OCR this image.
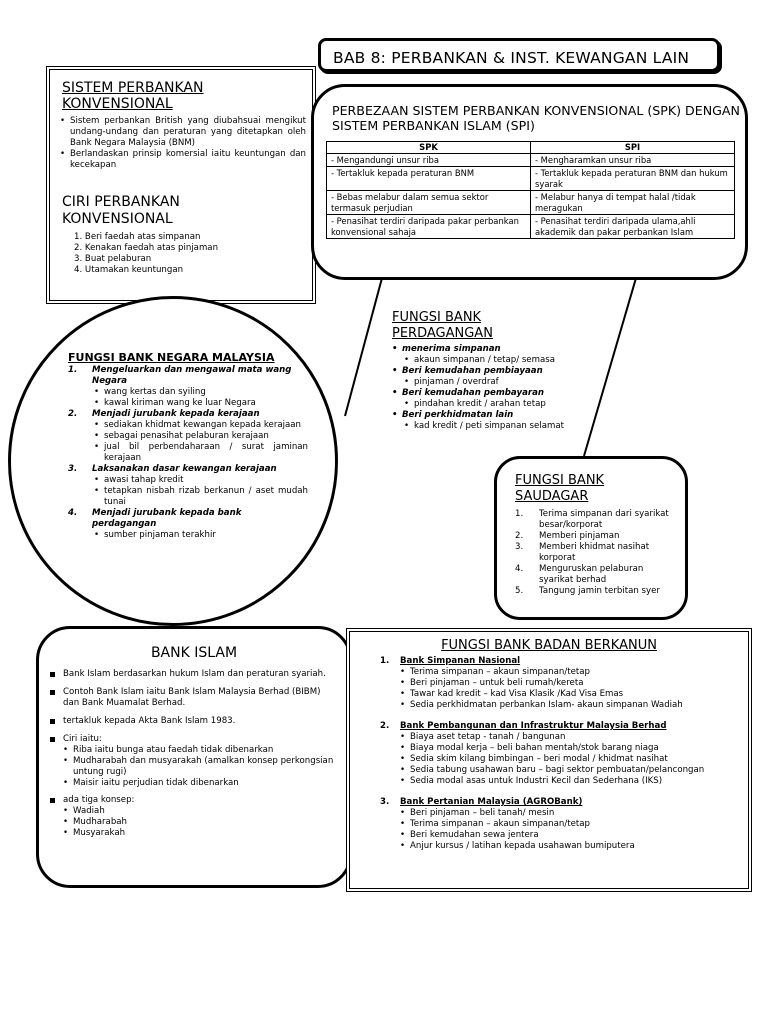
BAB 8: PERBANKAN & INST. KEWANGAN LAIN
SISTEM PERBANKAN KONVENSIONAL
• Sistem perbankan British yang diubahsuai mengikut undang-undang dan peraturan yang ditetapkan oleh Bank Negara Malaysia (BNM)
• Berlandaskan prinsip komersial iaitu keuntungan dan kecekapan
CIRI PERBANKAN KONVENSIONAL
1. Beri faedah atas simpanan
2. Kenakan faedah atas pinjaman
3. Buat pelaburan
4. Utamakan keuntungan
PERBEZAAN SISTEM PERBANKAN KONVENSIONAL (SPK) DENGAN SISTEM PERBANKAN ISLAM (SPI)
SPK	SPI
- Mengandungi unsur riba	- Mengharamkan unsur riba
- Tertakluk kepada peraturan BNM	- Tertakluk kepada peraturan BNM dan hukum syarak
- Bebas melabur dalam semua sektor termasuk perjudian	- Melabur hanya di tempat halal /tidak meragukan
- Penasihat terdiri daripada pakar perbankan konvensional sahaja	- Penasihat terdiri daripada ulama,ahli akademik dan pakar perbankan Islam
FUNGSI BANK NEGARA MALAYSIA
1.	Mengeluarkan dan mengawal mata wang Negara
• wang kertas dan syiling
• kawal kiriman wang ke luar Negara
2.	Menjadi jurubank kepada kerajaan
• sediakan khidmat kewangan kepada kerajaan
• sebagai penasihat pelaburan kerajaan
• jual bil perbendaharaan / surat jaminan kerajaan
3.	Laksanakan dasar kewangan kerajaan
• awasi tahap kredit
• tetapkan nisbah rizab berkanun / aset mudah tunai
4.	Menjadi jurubank kepada bank perdagangan
• sumber pinjaman terakhir
FUNGSI BANK
PERDAGANGAN
• menerima simpanan
• akaun simpanan / tetap/ semasa
• Beri kemudahan pembiayaan
• pinjaman / overdraf
• Beri kemudahan pembayaran
• pindahan kredit / arahan tetap
• Beri perkhidmatan lain
• kad kredit / peti simpanan selamat
FUNGSI BANK
SAUDAGAR
1.	Terima simpanan dari syarikat besar/korporat
2.	Memberi pinjaman
3.	Memberi khidmat nasihat korporat
4.	Menguruskan pelaburan syarikat berhad
5.	Tangung jamin terbitan syer
BANK ISLAM
Bank Islam berdasarkan hukum Islam dan peraturan syariah.
Contoh Bank Islam iaitu Bank Islam Malaysia Berhad (BIBM) dan Bank Muamalat Berhad.
tertakluk kepada Akta Bank Islam 1983.
Ciri iaitu:
• Riba iaitu bunga atau faedah tidak dibenarkan
• Mudharabah dan musyarakah (amalkan konsep perkongsian untung rugi)
• Maisir iaitu perjudian tidak dibenarkan
ada tiga konsep:
• Wadiah
• Mudharabah
• Musyarakah
FUNGSI BANK BADAN BERKANUN
1.	Bank Simpanan Nasional
• Terima simpanan – akaun simpanan/tetap
• Beri pinjaman – untuk beli rumah/kereta
• Tawar kad kredit – kad Visa Klasik /Kad Visa Emas
• Sedia perkhidmatan perbankan Islam- akaun simpanan Wadiah
2.	Bank Pembangunan dan Infrastruktur Malaysia Berhad
• Biaya aset tetap - tanah / bangunan
• Biaya modal kerja – beli bahan mentah/stok barang niaga
• Sedia skim kilang bimbingan – beri modal / khidmat nasihat
• Sedia tabung usahawan baru – bagi sektor pembuatan/pelancongan
• Sedia modal asas untuk Industri Kecil dan Sederhana (IKS)
3.	Bank Pertanian Malaysia (AGROBank)
• Beri pinjaman – beli tanah/ mesin
• Terima simpanan – akaun simpanan/tetap
• Beri kemudahan sewa jentera
• Anjur kursus / latihan kepada usahawan bumiputera
